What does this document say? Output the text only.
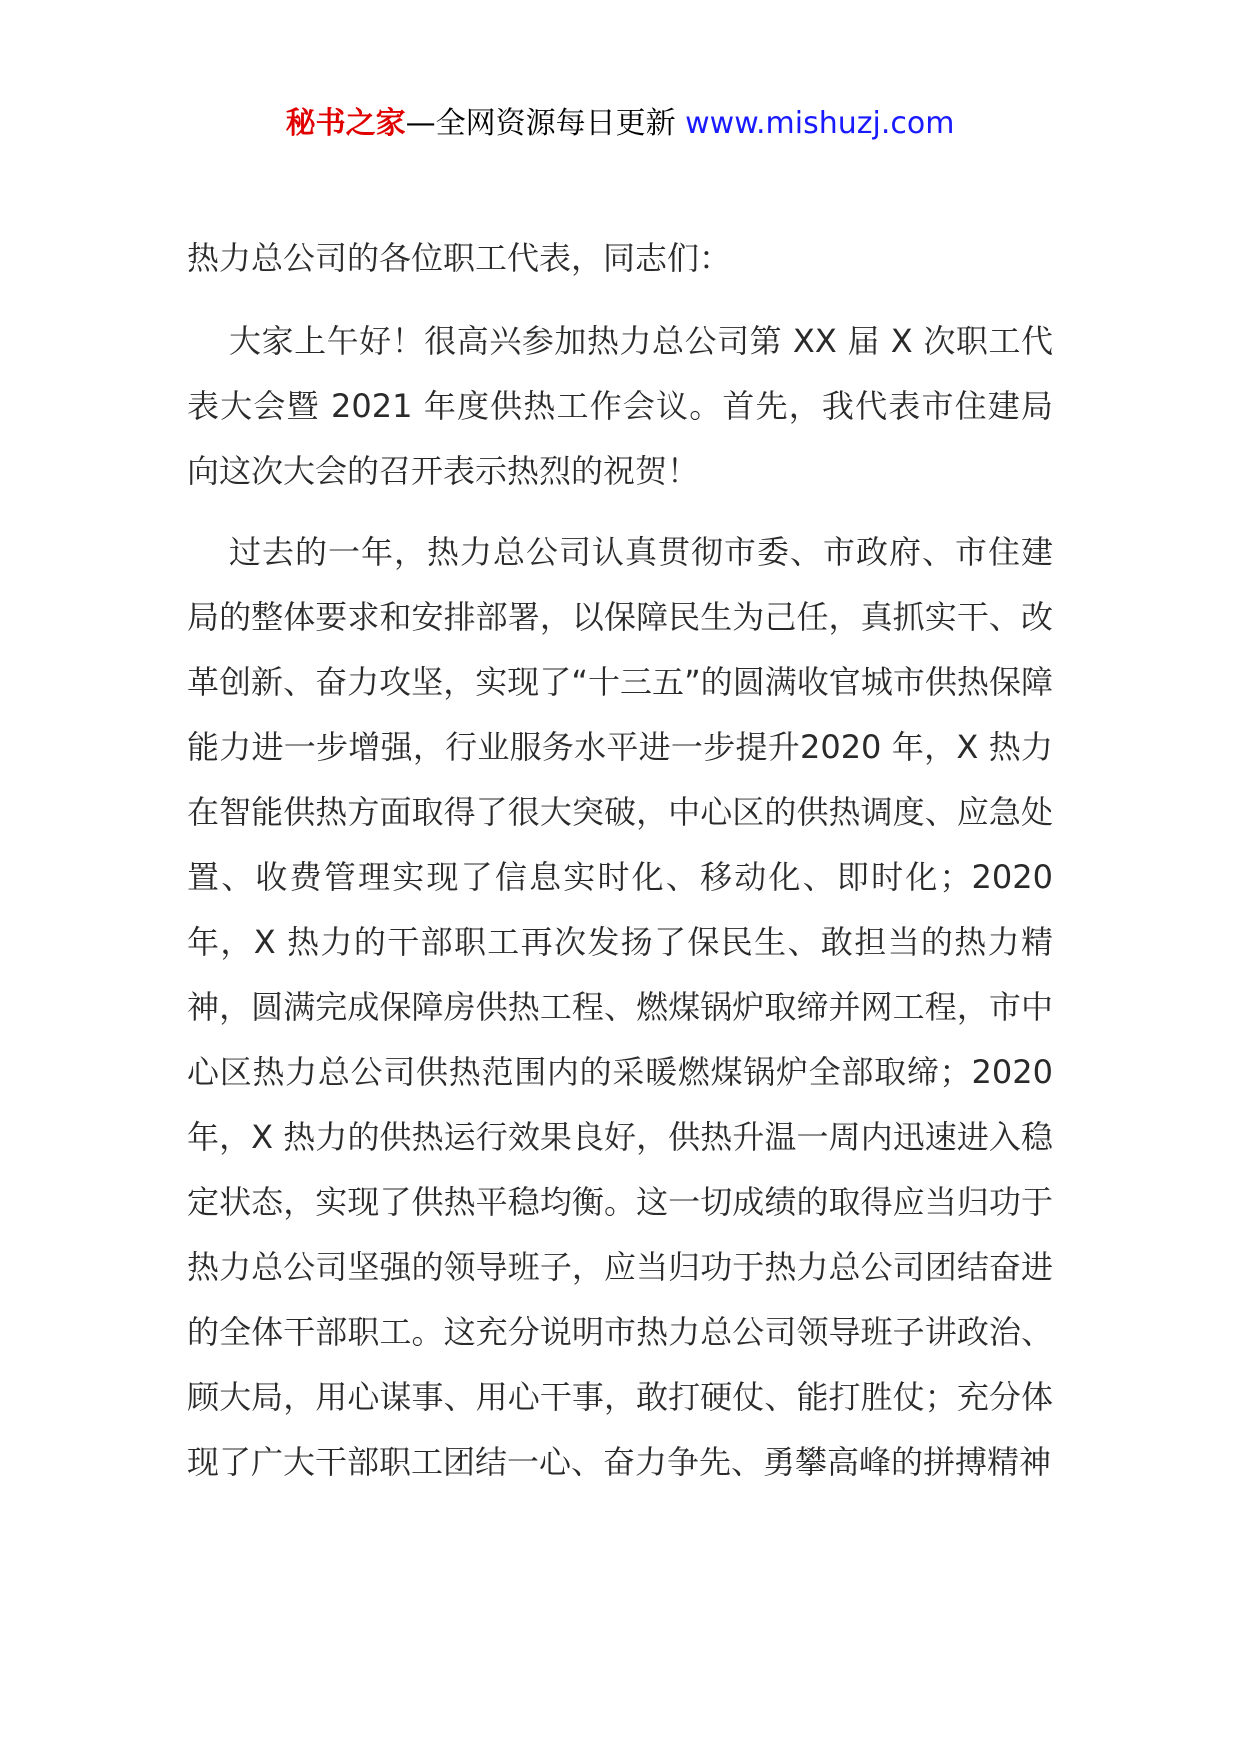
秘书之家—全网资源每日更新 www.mishuzj.com

热力总公司的各位职工代表，同志们：

大家上午好！很高兴参加热力总公司第 XX 届 X 次职工代表大会暨 2021 年度供热工作会议。首先，我代表市住建局向这次大会的召开表示热烈的祝贺！

过去的一年，热力总公司认真贯彻市委、市政府、市住建局的整体要求和安排部署，以保障民生为己任，真抓实干、改革创新、奋力攻坚，实现了“十三五”的圆满收官城市供热保障能力进一步增强，行业服务水平进一步提升2020 年，X 热力在智能供热方面取得了很大突破，中心区的供热调度、应急处置、收费管理实现了信息实时化、移动化、即时化；2020 年，X 热力的干部职工再次发扬了保民生、敢担当的热力精神，圆满完成保障房供热工程、燃煤锅炉取缔并网工程，市中心区热力总公司供热范围内的采暖燃煤锅炉全部取缔；2020 年，X 热力的供热运行效果良好，供热升温一周内迅速进入稳定状态，实现了供热平稳均衡。这一切成绩的取得应当归功于热力总公司坚强的领导班子，应当归功于热力总公司团结奋进的全体干部职工。这充分说明市热力总公司领导班子讲政治、顾大局，用心谋事、用心干事，敢打硬仗、能打胜仗；充分体现了广大干部职工团结一心、奋力争先、勇攀高峰的拼搏精神
